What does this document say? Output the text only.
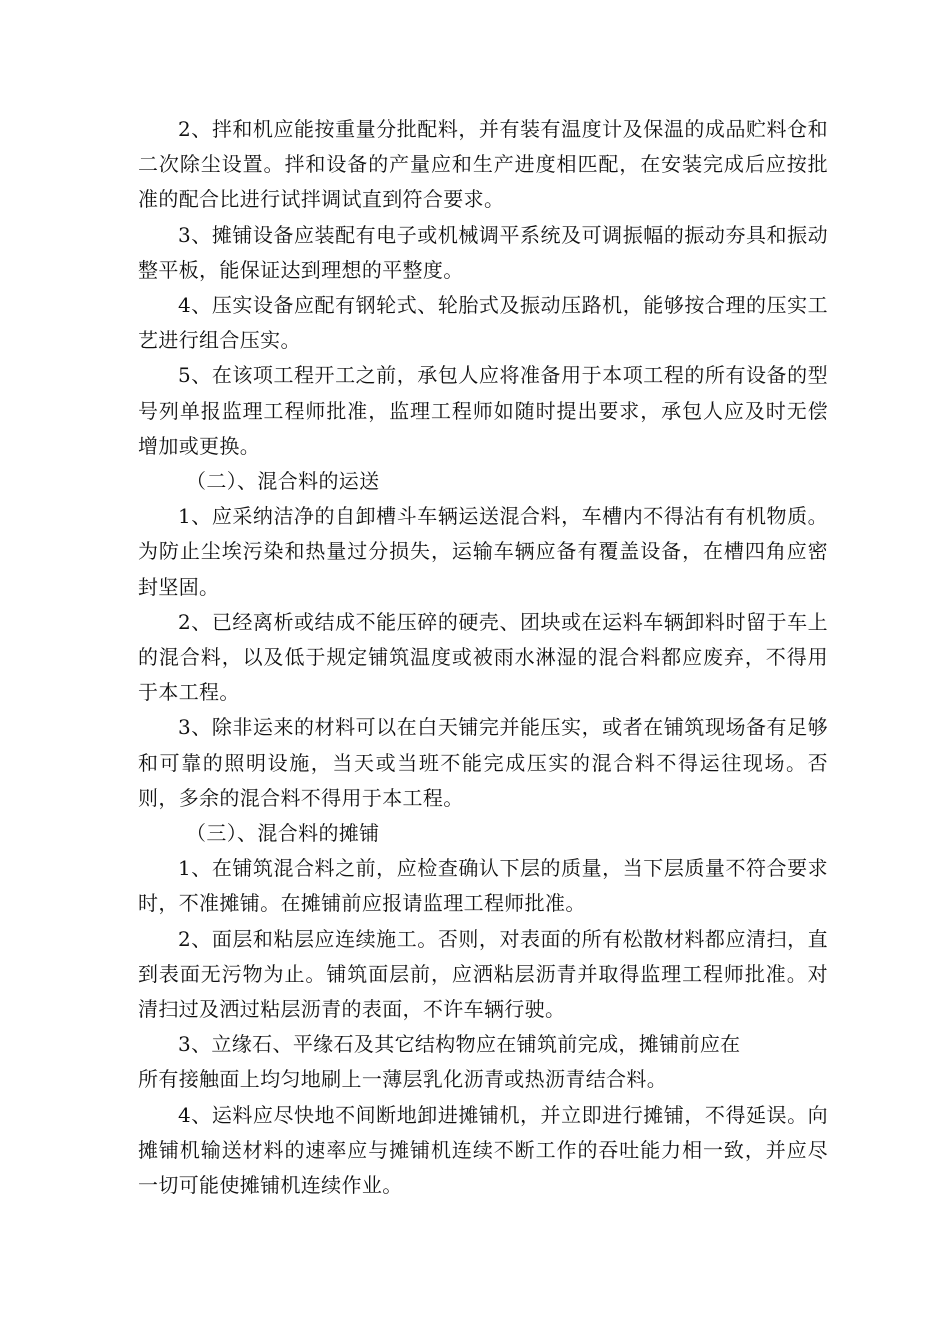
2、拌和机应能按重量分批配料，并有装有温度计及保温的成品贮料仓和二次除尘设置。拌和设备的产量应和生产进度相匹配，在安装完成后应按批准的配合比进行试拌调试直到符合要求。

3、摊铺设备应装配有电子或机械调平系统及可调振幅的振动夯具和振动整平板，能保证达到理想的平整度。

4、压实设备应配有钢轮式、轮胎式及振动压路机，能够按合理的压实工艺进行组合压实。

5、在该项工程开工之前，承包人应将准备用于本项工程的所有设备的型号列单报监理工程师批准，监理工程师如随时提出要求，承包人应及时无偿增加或更换。

（二）、混合料的运送

1、应采纳洁净的自卸槽斗车辆运送混合料，车槽内不得沾有有机物质。为防止尘埃污染和热量过分损失，运输车辆应备有覆盖设备，在槽四角应密封坚固。

2、已经离析或结成不能压碎的硬壳、团块或在运料车辆卸料时留于车上的混合料，以及低于规定铺筑温度或被雨水淋湿的混合料都应废弃，不得用于本工程。

3、除非运来的材料可以在白天铺完并能压实，或者在铺筑现场备有足够和可靠的照明设施，当天或当班不能完成压实的混合料不得运往现场。否则，多余的混合料不得用于本工程。

（三）、混合料的摊铺

1、在铺筑混合料之前，应检查确认下层的质量，当下层质量不符合要求时，不准摊铺。在摊铺前应报请监理工程师批准。

2、面层和粘层应连续施工。否则，对表面的所有松散材料都应清扫，直到表面无污物为止。铺筑面层前，应洒粘层沥青并取得监理工程师批准。对清扫过及洒过粘层沥青的表面，不许车辆行驶。

3、立缘石、平缘石及其它结构物应在铺筑前完成，摊铺前应在
所有接触面上均匀地刷上一薄层乳化沥青或热沥青结合料。

4、运料应尽快地不间断地卸进摊铺机，并立即进行摊铺，不得延误。向摊铺机输送材料的速率应与摊铺机连续不断工作的吞吐能力相一致，并应尽一切可能使摊铺机连续作业。
